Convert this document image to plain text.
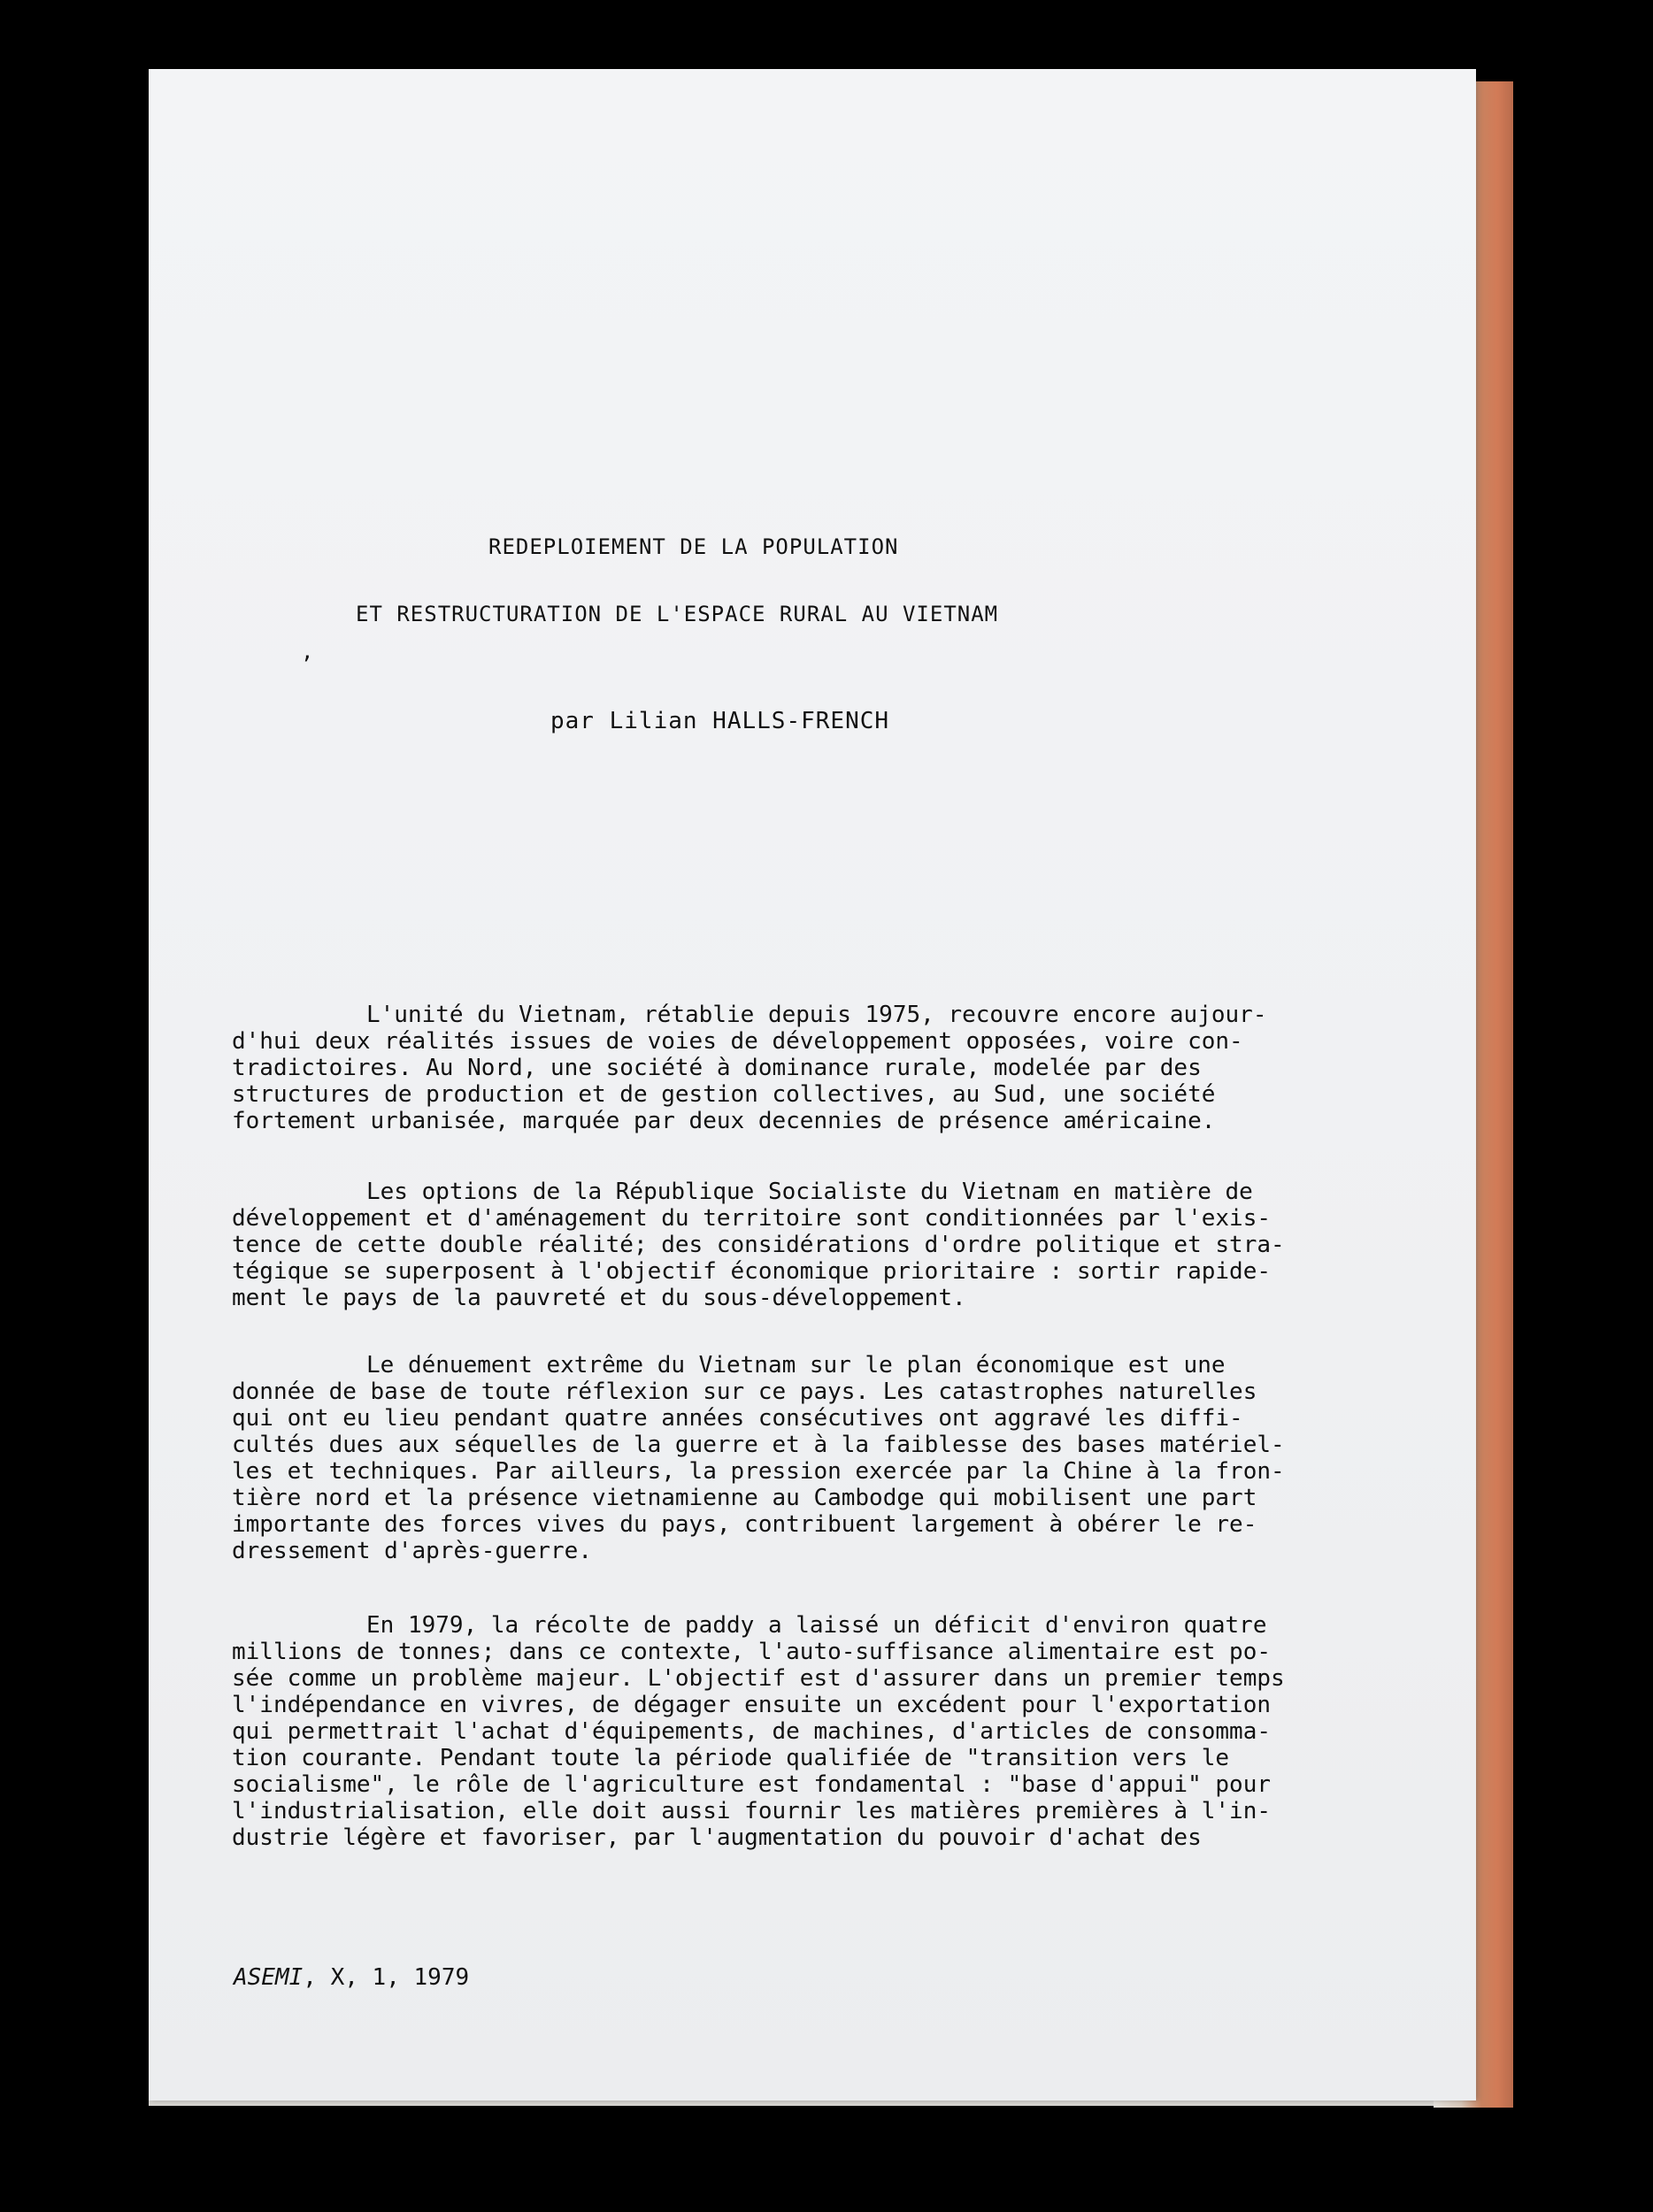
REDEPLOIEMENT DE LA POPULATION
ET RESTRUCTURATION DE L'ESPACE RURAL AU VIETNAM
,
par Lilian HALLS-FRENCH
L'unité du Vietnam, rétablie depuis 1975, recouvre encore aujour-
d'hui deux réalités issues de voies de développement opposées, voire con-
tradictoires. Au Nord, une société à dominance rurale, modelée par des
structures de production et de gestion collectives, au Sud, une société
fortement urbanisée, marquée par deux decennies de présence américaine.
Les options de la République Socialiste du Vietnam en matière de
développement et d'aménagement du territoire sont conditionnées par l'exis-
tence de cette double réalité; des considérations d'ordre politique et stra-
tégique se superposent à l'objectif économique prioritaire : sortir rapide-
ment le pays de la pauvreté et du sous-développement.
Le dénuement extrême du Vietnam sur le plan économique est une
donnée de base de toute réflexion sur ce pays. Les catastrophes naturelles
qui ont eu lieu pendant quatre années consécutives ont aggravé les diffi-
cultés dues aux séquelles de la guerre et à la faiblesse des bases matériel-
les et techniques. Par ailleurs, la pression exercée par la Chine à la fron-
tière nord et la présence vietnamienne au Cambodge qui mobilisent une part
importante des forces vives du pays, contribuent largement à obérer le re-
dressement d'après-guerre.
En 1979, la récolte de paddy a laissé un déficit d'environ quatre
millions de tonnes; dans ce contexte, l'auto-suffisance alimentaire est po-
sée comme un problème majeur. L'objectif est d'assurer dans un premier temps
l'indépendance en vivres, de dégager ensuite un excédent pour l'exportation
qui permettrait l'achat d'équipements, de machines, d'articles de consomma-
tion courante. Pendant toute la période qualifiée de "transition vers le
socialisme", le rôle de l'agriculture est fondamental : "base d'appui" pour
l'industrialisation, elle doit aussi fournir les matières premières à l'in-
dustrie légère et favoriser, par l'augmentation du pouvoir d'achat des
ASEMI, X, 1, 1979
